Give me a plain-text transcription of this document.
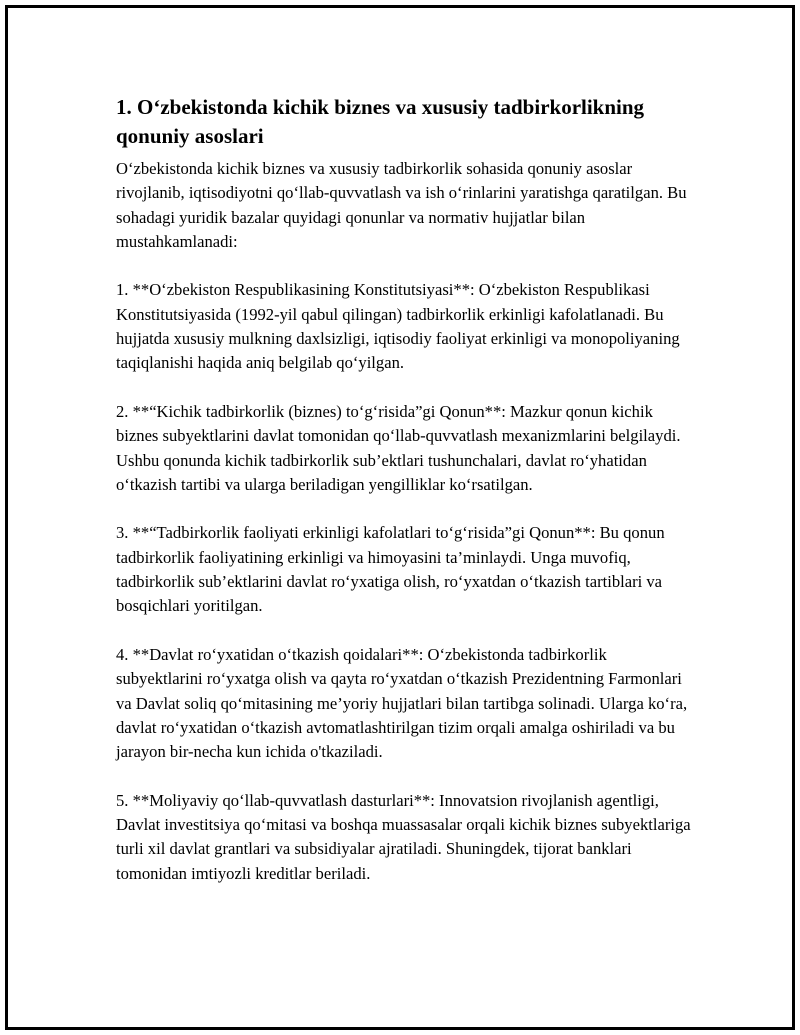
1. O‘zbekistonda kichik biznes va xususiy tadbirkorlikning qonuniy asoslari

O‘zbekistonda kichik biznes va xususiy tadbirkorlik sohasida qonuniy asoslar rivojlanib, iqtisodiyotni qo‘llab-quvvatlash va ish o‘rinlarini yaratishga qaratilgan. Bu sohadagi yuridik bazalar quyidagi qonunlar va normativ hujjatlar bilan mustahkamlanadi:

1. **O‘zbekiston Respublikasining Konstitutsiyasi**: O‘zbekiston Respublikasi Konstitutsiyasida (1992-yil qabul qilingan) tadbirkorlik erkinligi kafolatlanadi. Bu hujjatda xususiy mulkning daxlsizligi, iqtisodiy faoliyat erkinligi va monopoliyaning taqiqlanishi haqida aniq belgilab qo‘yilgan.

2. **“Kichik tadbirkorlik (biznes) to‘g‘risida”gi Qonun**: Mazkur qonun kichik biznes subyektlarini davlat tomonidan qo‘llab-quvvatlash mexanizmlarini belgilaydi. Ushbu qonunda kichik tadbirkorlik sub’ektlari tushunchalari, davlat ro‘yhatidan o‘tkazish tartibi va ularga beriladigan yengilliklar ko‘rsatilgan.

3. **“Tadbirkorlik faoliyati erkinligi kafolatlari to‘g‘risida”gi Qonun**: Bu qonun tadbirkorlik faoliyatining erkinligi va himoyasini ta’minlaydi. Unga muvofiq, tadbirkorlik sub’ektlarini davlat ro‘yxatiga olish, ro‘yxatdan o‘tkazish tartiblari va bosqichlari yoritilgan.

4. **Davlat ro‘yxatidan o‘tkazish qoidalari**: O‘zbekistonda tadbirkorlik subyektlarini ro‘yxatga olish va qayta ro‘yxatdan o‘tkazish Prezidentning Farmonlari va Davlat soliq qo‘mitasining me’yoriy hujjatlari bilan tartibga solinadi. Ularga ko‘ra, davlat ro‘yxatidan o‘tkazish avtomatlashtirilgan tizim orqali amalga oshiriladi va bu jarayon bir-necha kun ichida o'tkaziladi.

5. **Moliyaviy qo‘llab-quvvatlash dasturlari**: Innovatsion rivojlanish agentligi, Davlat investitsiya qo‘mitasi va boshqa muassasalar orqali kichik biznes subyektlariga turli xil davlat grantlari va subsidiyalar ajratiladi. Shuningdek, tijorat banklari tomonidan imtiyozli kreditlar beriladi.
